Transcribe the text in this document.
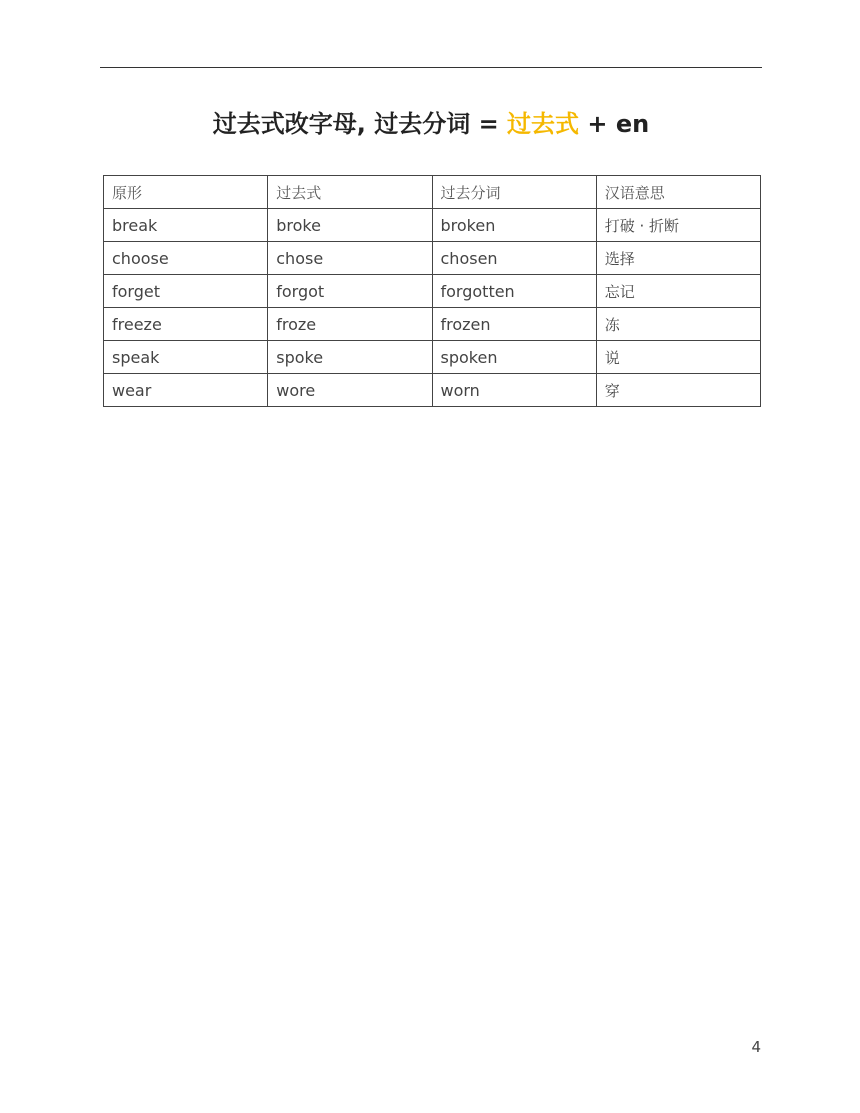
过去式改字母, 过去分词 = 过去式 + en
原形	过去式	过去分词	汉语意思
break	broke	broken	打破 · 折断
choose	chose	chosen	选择
forget	forgot	forgotten	忘记
freeze	froze	frozen	冻
speak	spoke	spoken	说
wear	wore	worn	穿
4
